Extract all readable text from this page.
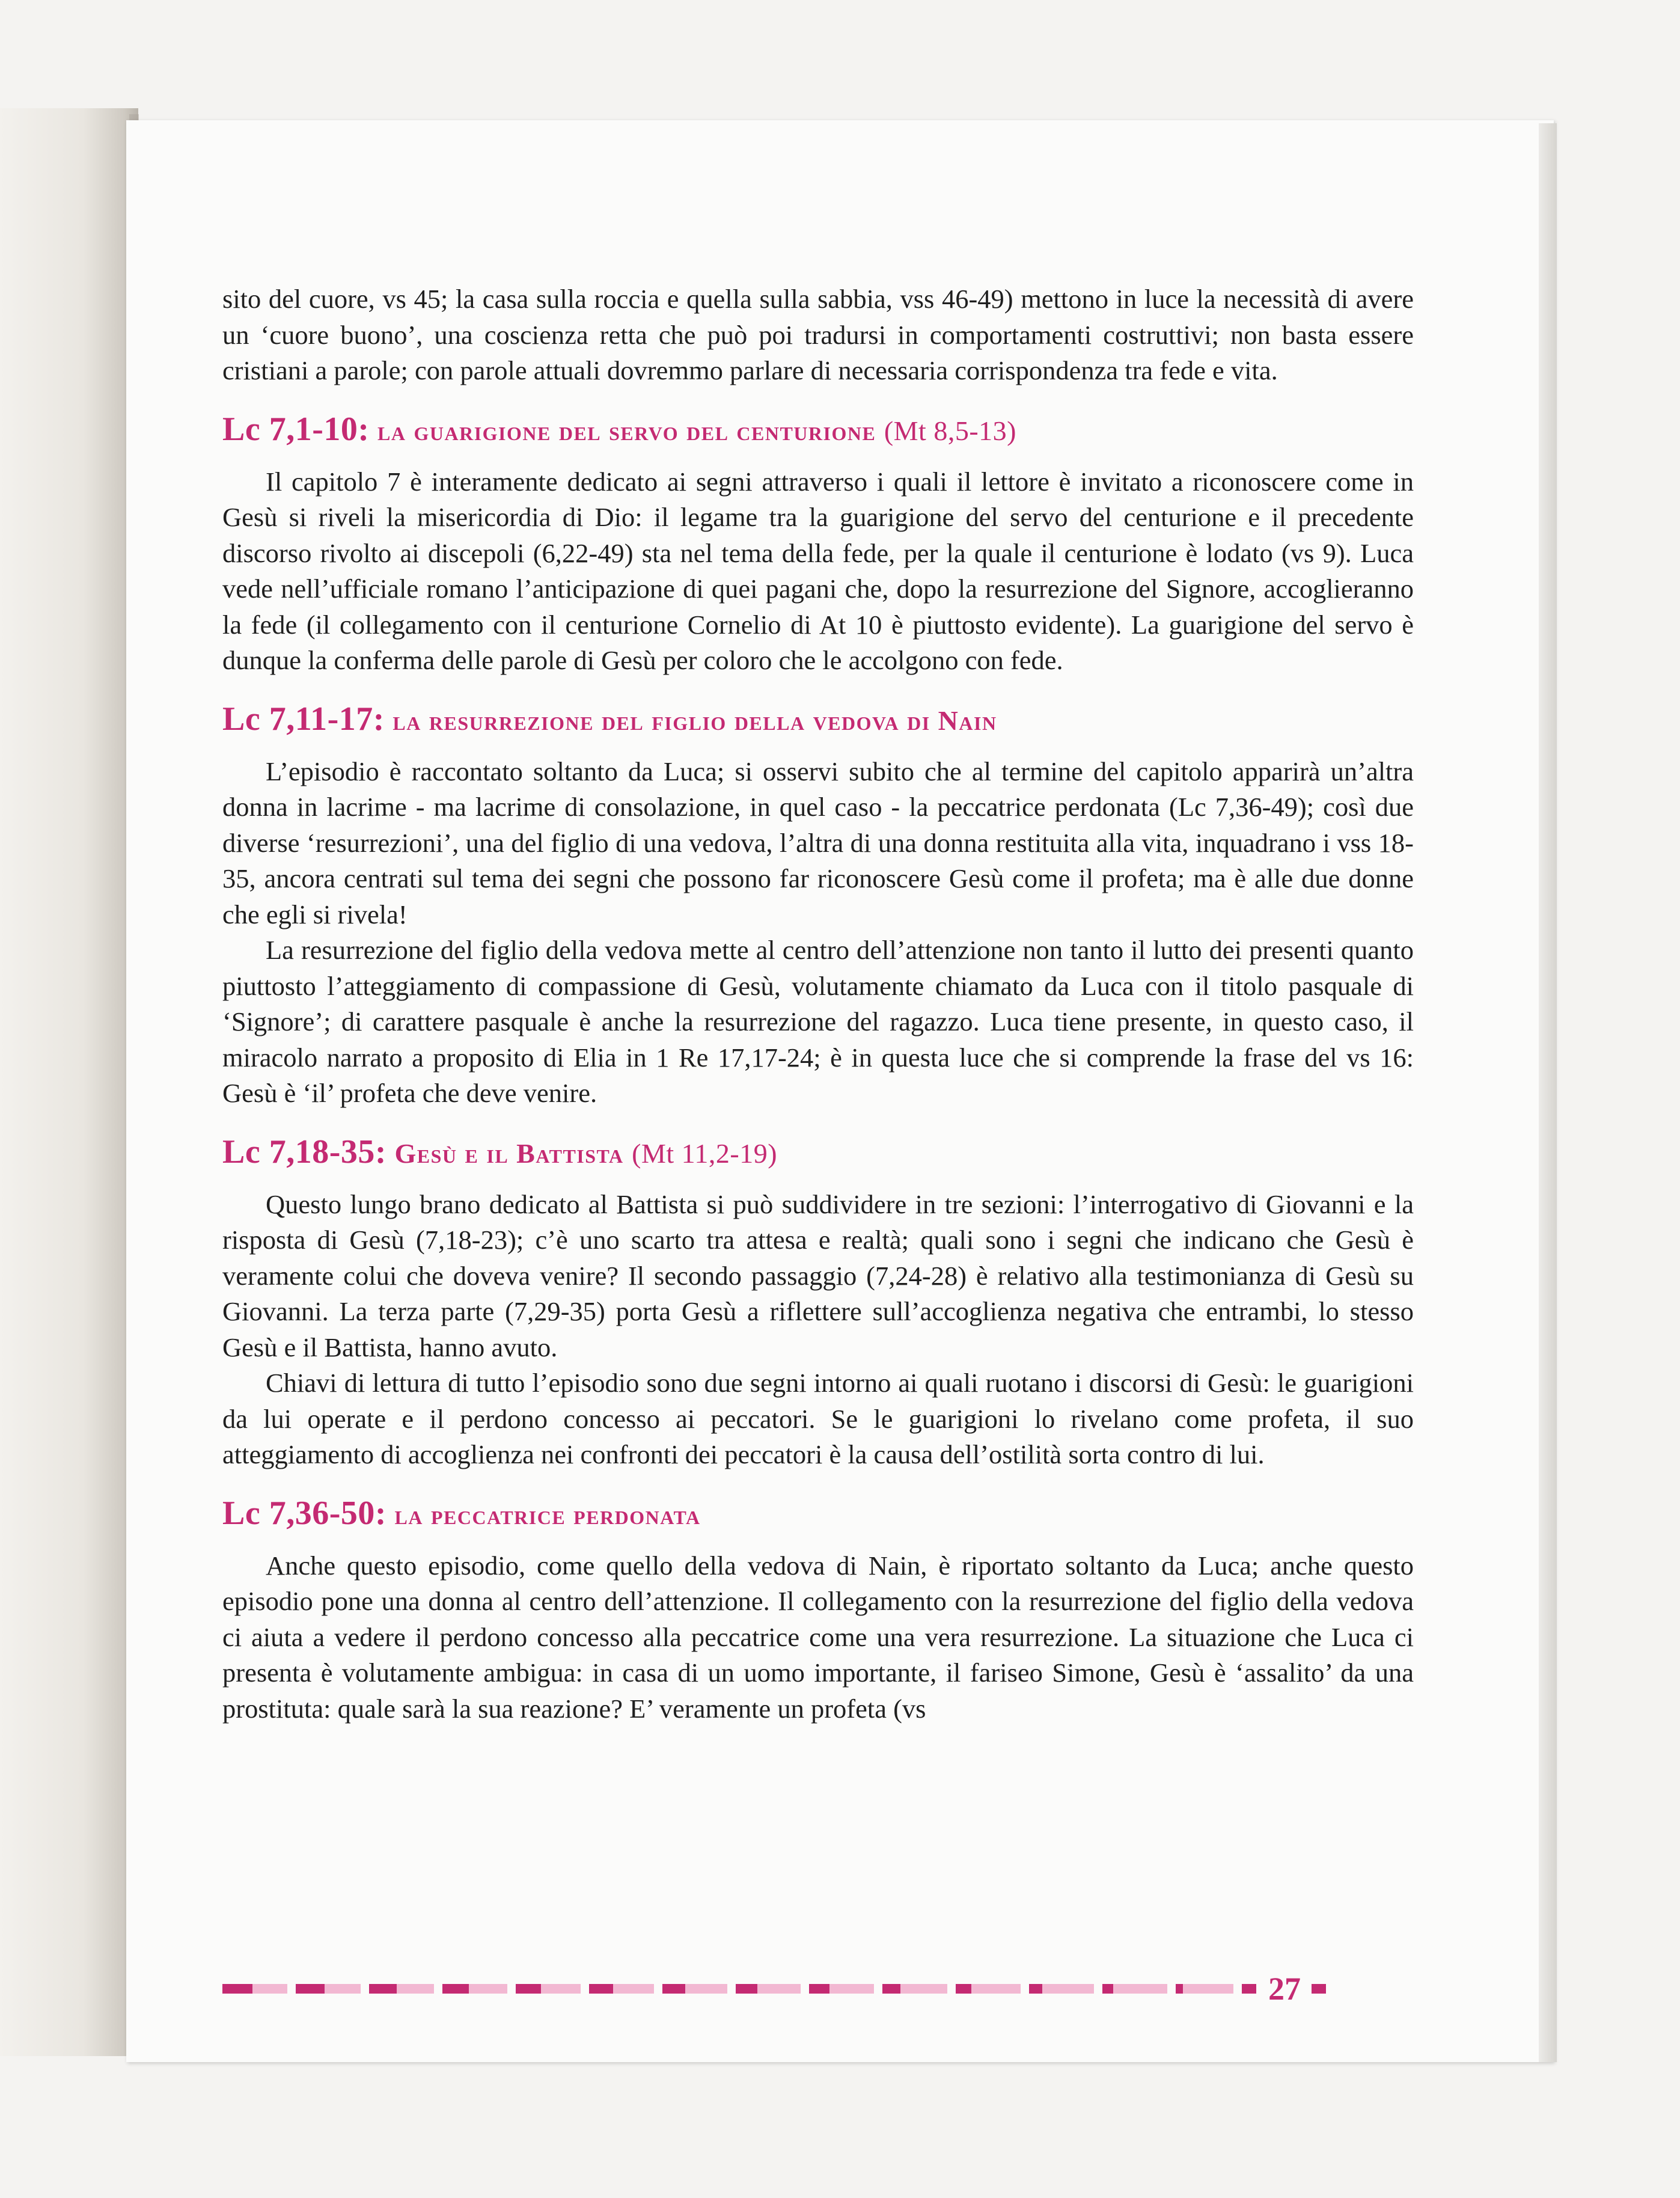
sito del cuore, vs 45; la casa sulla roccia e quella sulla sabbia, vss 46-49) mettono in luce la necessità di avere un ‘cuore buono’, una coscienza retta che può poi tradursi in comportamenti costruttivi; non basta essere cristiani a parole; con parole attuali dovremmo parlare di necessaria corrispondenza tra fede e vita.

Lc 7,1-10: la guarigione del servo del centurione (Mt 8,5-13)

Il capitolo 7 è interamente dedicato ai segni attraverso i quali il lettore è invitato a riconoscere come in Gesù si riveli la misericordia di Dio: il legame tra la guarigione del servo del centurione e il precedente discorso rivolto ai discepoli (6,22-49) sta nel tema della fede, per la quale il centurione è lodato (vs 9). Luca vede nell’ufficiale romano l’anticipazione di quei pagani che, dopo la resurrezione del Signore, accoglieranno la fede (il collegamento con il centurione Cornelio di At 10 è piuttosto evidente). La guarigione del servo è dunque la conferma delle parole di Gesù per coloro che le accolgono con fede.

Lc 7,11-17: la resurrezione del figlio della vedova di Nain

L’episodio è raccontato soltanto da Luca; si osservi subito che al termine del capitolo apparirà un’altra donna in lacrime - ma lacrime di consolazione, in quel caso - la peccatrice perdonata (Lc 7,36-49); così due diverse ‘resurrezioni’, una del figlio di una vedova, l’altra di una donna restituita alla vita, inquadrano i vss 18-35, ancora centrati sul tema dei segni che possono far riconoscere Gesù come il profeta; ma è alle due donne che egli si rivela!

La resurrezione del figlio della vedova mette al centro dell’attenzione non tanto il lutto dei presenti quanto piuttosto l’atteggiamento di compassione di Gesù, volutamente chiamato da Luca con il titolo pasquale di ‘Signore’; di carattere pasquale è anche la resurrezione del ragazzo. Luca tiene presente, in questo caso, il miracolo narrato a proposito di Elia in 1 Re 17,17-24; è in questa luce che si comprende la frase del vs 16: Gesù è ‘il’ profeta che deve venire.

Lc 7,18-35: Gesù e il Battista (Mt 11,2-19)

Questo lungo brano dedicato al Battista si può suddividere in tre sezioni: l’interrogativo di Giovanni e la risposta di Gesù (7,18-23); c’è uno scarto tra attesa e realtà; quali sono i segni che indicano che Gesù è veramente colui che doveva venire? Il secondo passaggio (7,24-28) è relativo alla testimonianza di Gesù su Giovanni. La terza parte (7,29-35) porta Gesù a riflettere sull’accoglienza negativa che entrambi, lo stesso Gesù e il Battista, hanno avuto.

Chiavi di lettura di tutto l’episodio sono due segni intorno ai quali ruotano i discorsi di Gesù: le guarigioni da lui operate e il perdono concesso ai peccatori. Se le guarigioni lo rivelano come profeta, il suo atteggiamento di accoglienza nei confronti dei peccatori è la causa dell’ostilità sorta contro di lui.

Lc 7,36-50: la peccatrice perdonata

Anche questo episodio, come quello della vedova di Nain, è riportato soltanto da Luca; anche questo episodio pone una donna al centro dell’attenzione. Il collegamento con la resurrezione del figlio della vedova ci aiuta a vedere il perdono concesso alla peccatrice come una vera resurrezione. La situazione che Luca ci presenta è volutamente ambigua: in casa di un uomo importante, il fariseo Simone, Gesù è ‘assalito’ da una prostituta: quale sarà la sua reazione? E’ veramente un profeta (vs

27
